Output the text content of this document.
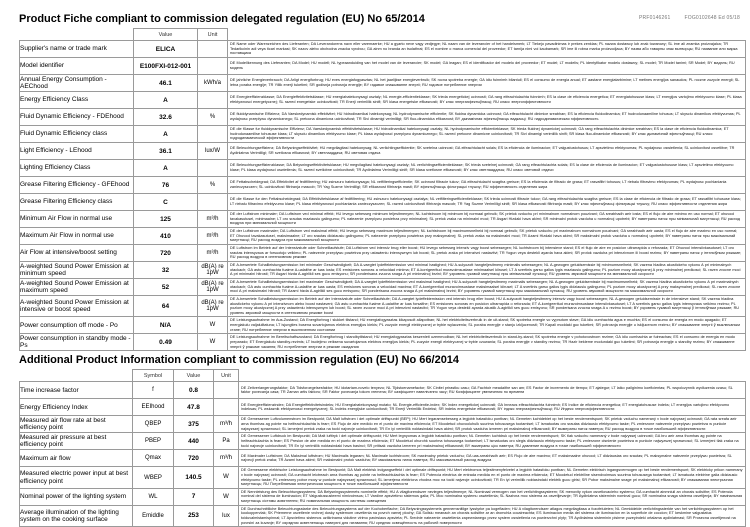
PRF0146261	FOG0102648 Ed 05/18
Product Fiche compliant to commission delegated regulation (EU) No 65/2014
	Value	Unit	
Supplier's name or trade mark	ELICA		DE Name oder Warenzeichen des Lieferanten; DA Leverandorens navn eller varemaerke; HU a gyarto neve vagy vedjegye; NL naam van de leverancier of het handelsmerk; LT Tiekejo pavadinimas ir prekes zenklas; PL nazwa dostawcy lub znak towarowy; SL ime ali znamka proizvajalca; TR Tedarikcinin adi veya ticari markasi; SK nazov alebo obchodna znacka vyrobcu; GA ainm no branda an tsolathrai; ES el nombre o marca comercial del proveedor; ET tarnija nimi voi kaubamark; SR ime ili robna marka proizvodjaca; BY назва або таварны знак вытворцы; RU название или марка поставщика

Model identifier	E100FXI-012-001		DE Modellkennung des Lieferanten; DA Model; HU modell; NL typeaanduiding van het model van de leverancier; SK model; GA leagan; ES el identificador del modelo del proveedor; ET mudel; LT modelis; PL identyfikator modelu dostawcy; SL model; TR Model tanimi; SR Model; BY мадэль; RU модель

Annual Energy Consumption - AEChood	46.1	kWh/a	DE jahrliche Energieverbrauch; DA Arligt energiforbrug; HU eves energiafogyasztas; NL het jaarlijkse energieverbruik; SK rocna spotreba energie; GA idiu fuinnimh bliantuil; ES el consumo de energia anual; ET aastane energiatarbimine; LT metines energijos sanaudos; PL roczne zuzycie energii; SL letna poraba energije; TR Yillik enerji tuketimi; SR godisnja potrosnja energije; BY гадавое спажыванне энергіі; RU годовое потребление энергии

Energy Efficiency Class	A		DE Energieeffizienzklasse; DA Energieffektivitetsklasse; HU energiahatekonysagi osztaly; NL energie-efficientieklasse; SK trieda energetickej ucinnosti; GA rang eifeachtulachta fuinnimh; ES la clase de eficiencia energetica; ET energiatohususe klass; LT energijos vartojimo efektyvumo klase; PL klasa efektywnosci energetycznej; SL razred energetske ucinkovitosti; TR Enerji verimlilik sinifi; SR klasa energetske efikasnosti; BY клас энергаэфектыўнасці; RU класс энергоэффективности

Fluid Dynamic Efficiency - FDEhood	32.6	%	DE fluiddynamische Effizienz; DA Vaeskedynamisk effektivitet; HU hidrodinamikai hatekonysag; NL hydrodynamische efficientie; SK fluidna dynamicka ucinnost; GA eifeachtulacht dinimice sreabhan; ES la eficiencia fluidodinamica; ET hudrodunaamiline tohusus; LT skysciu dinamikos efektyvumas; PL wydajnosc przeplywu dynamicznego; SL pretocna dinamicna ucinkovitost; TR Sivi dinamigi verimliligi; SR fluo-dinamicka efikasnost; BY дынамічная эфектыўнасць вадкасці; RU гидродинамическая эффективность

Fluid Dynamic Efficiency class	A		DE die Klasse fur fluiddynamische Effizienz; DA Vaeskedynamisk effektivitetsklasse; HU hidrodinamikai hatekonysagi osztaly; NL hydrodynamische efficientieklasse; SK trieda fluidnej dynamickej ucinnosti; GA rang eifeachtulachta dinimice sreabhan; ES la clase de eficiencia fluidodinamica; ET hudrodunaamilise tohususe klass; LT skysciu dinamikos efektyvumo klase; PL klasa wydajnosci przeplywu dynamicznego; SL razred pretocne dinamicne ucinkovitosti; TR Sivi dinamigi verimlilik sinifi; SR klasa fluo-dinamicke efikasnosti; BY клас дынамічнай эфектыўнасці; RU класс гидродинамической эффективности

Light Efficiency - LEhood	36.1	lux/W	DE Beleuchtungseffizienz; DA Belysningseffektivitet; HU megvilagitasi hatekonysag; NL verlichtingsefficientie; SK svetelna ucinnost; GA eifeachtulacht solais; ES la eficiencia de iluminacion; ET valgustustohusus; LT apsvietimo efektyvumas; PL wydajnosc oswietlenia; SL ucinkovitost osvetlitve; TR Aydinlatma Verimliligi; SR svetlosna efikasnost; BY светлаaддача; RU световая отдача

Lighting Efficiency Class	A		DE Beleuchtungseffizienzklasse; DA Belysningseffektivitetsklasse; HU megvilagitasi hatekonysagi osztaly; NL verlichtingsefficientieklasse; SK trieda svetelnej ucinnosti; GA rang eifeachtulachta solais; ES la clase de eficiencia de iluminacion; ET valgustustohususe klass; LT apsvietimo efektyvumo klase; PL klasa wydajnosci oswietlenia; SL razred svetlobne ucinkovitosti; TR Aydinlatma Verimliligi sinifi; SR klasa svetlosne efikasnosti; BY клас светлаaддачы; RU класс световой отдачи

Grease Filtering Efficiency - GFEhood	76	%	DE Fettabscheidegrad; DA Effektivitet af fedtfiltrering; HU zsirszuro hatekonysaga; NL vetfilteringsefficientie; SK ucinnost filtracie tukov; GA eifeachtulacht scagtha greisce; ES la eficiencia de filtrado de grasa; ET rasvafiltri tohusus; LT riebalu filtravimo efektyvumas; PL wydajnosc pochlaniania zanieczyszczen; SL ucinkovitost filtriranja mascob; TR Yag Suzme Verimliligi; SR efikasnost filtriranja masti; BY эфектыўнасць фільтрацыі тлушчу; RU эффективность отделения жира

Grease Filtering Efficiency class	C		DE die Klasse fur den Fettabscheidegrad; DA Effektivitetsklasse af fedtfiltrering; HU zsirszuro hatekonysagi osztalya; NL vetfilteringsefficientieklasse; SK trieda ucinnosti filtracie tukov; GA rang eifeachtulachta scagtha greisce; ES la clase de eficiencia de filtrado de grasa; ET rasvafiltri tohususe klass; LT riebalu filtravimo efektyvumo klase; PL klasa efektywnosci pochlaniania zanieczyszczen; SL razred ucinkovitosti filtriranja mascob; TR Yag Suzme Verimliligi sinifi; SR klasa efikasnosti filtriranja masti; BY клас эфектыўнасці фільтрацыі тлушчу; RU класс эффективности отделения жира

Minimum Air Flow in normal use	125	m³/h	DE der Luftstrom minimaler; DA Luftstrom ved minimal effekt; HU levego sebesseg minimum teljesitmenyen; NL luchtstroom bij minimum bij normaal gebruik; SK prietok vzduchu pri minimalnom normalnom pouzivani; GA sreabhadh aeir iosta; ES el flujo de aire minimo en uso normal; ET ohuvool tavakasutusel, minimaalne; LT oro srautas maziausiu galingumu; PL natezenie przeplywu powietrza przy minimalnej; SL pretok zraka na minimalni moci; TR Asgari Hizdaki hava akimi; SR minimalni protok vazduha u normalnoj upotrebi; BY паветраны паток пры мінімальнай магутнасці; RU расход воздуха при минимальной мощности

Maximum Air Flow in normal use	410	m³/h	DE der Luftstrom maximaler; DA Luftstrom ved maksimal effekt; HU levego sebesseg maximum teljesitmenyen; NL luchtstroom bij maximumsnelheid bij normaal gebruik; SK prietok vzduchu pri maximalnom normalnom pouzivani; GA sreabhadh aeir uasta; ES el flujo de aire maximo en uso normal; ET Ohuvool tavakasutusel, maksimaalne; LT oro srautas didziausiu galingumu; PL natezenie przeplywu powietrza przy maksymalnej; SL pretok zraka na maksimalni moci; TR Azami Hizdaki hava akimi; SR maksimalni protok vazduha u normalnoj upotrebi; BY паветраны паток пры максімальнай магутнасці; RU расход воздуха при максимальной мощности

Air Flow at intensive/boost setting	720	m³/h	DE Luftstrom im Betrieb auf der Intensivstufe oder Schnelllaufstufe; DA Luftstrom ved intensiv brug eller boost; HU levego sebesseg intenziv vagy boost sebessegen; NL luchtstroom bij intensieve stand; ES el flujo de aire en posicion ultrarrapida o reforzada; ET Ohuvool intensiivkasutusel; LT oro srautas intensyvaus ar forsuotojo veikimo; PL natezenie przeplywu powietrza przy ustawieniu intensywnym lub boost; SL pretok zraka pri intenzivni nastavitvi; TR Yogun veya destekli ayarda hava akimi; SR protok vazduha pri intenzivnom ili boost rezimu; BY паветраны паток у інтэнсіўным рэжыме; RU расход воздуха в интенсивном режиме

A-weighted Sound Power Emission at minimum speed	32	dB(A) re 1pW	DE A-bewertete Schallleistungsemission bei minimaler Geschwindigkeit; DA A-vaegtet lydeffektemission ved minimal hastighed; HU A-sulyozott hangteljesitmeny minimalis sebessegen; NL A-gewogen geluidsemissie bij minimumsnelheid; SK vazena hladina akustickeho vykonu A pri minimalnych otackach; GA astu cumhachta fuaime A-ualaithe ar luas iosta; ES emisiones sonoras a velocidad minima; ET A-korrigeeritud muravoimsustase minimaalsel kiirusel; LT A svertinis garso galios lygis maziausiu galingumu; PL poziom mocy akustycznej A przy minimalnej predkosci; SL raven zvocne moci A pri minimalni hitrosti; TR Asgari hizda A-agirlikli ses gucu emisyonu; SR ponderisana zvucna snaga A pri minimalnoj brzini; BY узровень гукавой магутнасці пры мінімальнай хуткасці; RU уровень звуковой мощности на минимальной скорости

A-weighted Sound Power Emission at maximum speed	52	dB(A) re 1pW	DE A-bewertete Schallleistungsemission bei maximaler Geschwindigkeit; DA A-vaegtet lydeffektemission ved maksimal hastighed; HU A-sulyozott hangteljesitmeny maximalis sebessegen; NL A-gewogen geluidsemissie bij maximumsnelheid; SK vazena hladina akustickeho vykonu A pri maximalnych otackach; GA astu cumhachta fuaime A-ualaithe ar luas uasta; ES emisiones sonoras a velocidad maxima; ET A-korrigeeritud muravoimsustase maksimaalsel kiirusel; LT A svertinis garso galios lygis didziausiu galingumu; PL poziom mocy akustycznej A przy maksymalnej predkosci; SL raven zvocne moci A pri maksimalni hitrosti; TR Azami hizda A-agirlikli ses gucu emisyonu; SR ponderisana zvucna snaga A pri maksimalnoj brzini; BY узровень гукавой магутнасці пры максімальнай хуткасці; RU уровень звуковой мощности на максимальной скорости

A-weighted Sound Power Emission at intensive or boost speed	64	dB(A) re 1pW	DE A-bewertete Schallleistungsemission im Betrieb auf der Intensivstufe oder Schnelllaufstufe; DA A-vaegtet lydeffektemission ved intensiv brug eller boost; HU A-sulyozott hangteljesitmeny intenziv vagy boost sebessegen; NL A-gewogen geluidsemissie in de intensieve stand; SK vazena hladina akustickeho vykonu A pri intenzivnom alebo boost nastaveni; GA astu cumhachta fuaime A-ualaithe ar luas forsaithe; ES emisiones sonoras en posicion ultrarrapida o reforzada; ET A-korrigeeritud muravoimsustase intensiivkasutusel; LT A svertinis garso galios lygis intensyvaus veikimo rezimu; PL poziom mocy akustycznej A przy ustawieniu intensywnym lub boost; SL raven zvocne moci A pri intenzivni nastavitvi; TR Yogun veya destekli ayarda akustik A-agirlikli ses gucu emisyonu; SR ponderisana zvucna snaga A u rezimu boost; BY узровень гукавой магутнасці ў інтэнсіўным рэжыме; RU уровень звуковой мощности в интенсивном режиме boost

Power consumption off mode - Po	N/A	W	DE Leistungsaufnahme im Aus-Zustand; DA Energiforbrug i slukket tilstand; HU energiafogyasztas kikapcsolt allapotban; NL het elektriciteitsverbruik in de uit-stand; SK spotreba energie vo vypnutom stave; GA idiu cumhachta agus e muchta; ES el consumo de energia en modo apagado; ET energiakulu valjalulitatuna; LT isjungties busena suvartojamos elektros energijos kiekis; PL zuzycie energii elektrycznej w trybie wylaczenia; SL poraba energije v stanju izkljucenosti; TR Kapali moddaki guc tuketimi; SR potrosnja energije u iskljucenom rezimu; BY спажыванне энергіі ў выключаным стане; RU потребление энергии в выключенном состоянии

Power consumption in standby mode - Ps	0.49	W	DE Leistungsaufnahme im Bereitschaftszustand; DA Energiforbrug i standbytilstand; HU energiafogyasztas keszenleti uzemmodban; NL het elektriciteitsverbruik in stand-by-stand; SK spotreba energie v pohotovostnom rezime; GA idiu cumhachta ar fuireachas; ES el consumo de energia en modo preparado; ET Energiakulu standby-rezimis; LT budejimo veiksena suvartojamos elektros energijos kiekis; PL zuzycie energii elektrycznej w trybie czuwania; SL poraba energije v standby rezimu; TR Hazir bekleme modundaki guc tuketimi; SR potrosnja energije u standby rezimu; BY спажыванне энергіі ў рэжыме чакання; RU потребление энергии в режиме ожидания
Additional Product Information compliant to commission regulation (EU) No 66/2014
	Symbol	Value	Unit	
Time increase factor	f	0.8		DE Zeitverlangerungsfaktor; DA Tidsforoegelsesfaktor; HU idotartam-novelo tenyezo; NL Tijdstoenamefactor; SK Cinitel prirastku casu; GA Fachtoir meadaithe san am; ES Factor de incremento de tiempo; ET ajategur; LT laiko pailginimo koeficientas; PL wspolczynnik wydluzenia czasu; SL faktor povecanja casa; TR Zaman artis faktoru; SR Faktor povecanja tokom vremena; BY каэфіцыент павелічэння часу; RU Коэффициент увеличения по времени

Energy Efficiency Index	EEIhood	47.8		DE Energieeffizienzindex; DA Energieffektivitetsindeks; HU Energiahatekonysagi mutato; NL Energie-efficientie-index; SK Index energetickej ucinnosti; GA Inneacs eifeachtulachta fuinnimh; ES Indice de eficiencia energetica; ET energiatohususe indeks; LT energijos vartojimo efektyvumo indeksas; PL wskaznik efektywnosci energetycznej; SL indeks energijske ucinkovitosti; TR Enerji Verimlilik Endeksi; SR indeks energetske efikasnosti; BY індэкс энергаэфектыўнасці; RU Индекс энергоэффективности

Measured air flow rate at best efficiency point	QBEP	375	m³/h	DE Gemessener Luftvolumenstrom im Bestpunkt; DA Malt luftstrom i det optimale driftspunkt (BEP); HU Mert legaramsebesseg a legjobb hatasfoku pontban; NL Gemeten luchtdebiet op het beste rendementspunt; SK prietok vzduchu nameraný v bode najvyssej ucinnosti; GA rata sreafa aeir arna thomhas ag pointe na heifeachtulachta is fearr; ES Flujo de aire medido en el punto de maxima eficiencia; ET Moodetud ohuvooluhulk suurima tohususega tootamisel; LT ismatuotas oro srautas didziausio efektyvumo taske; PL zmierzone natezenie przeplywu powietrza w punkcie najwyzszej sprawnosci; SL izmerjeni pretok zraka na tocki najvecje ucinkovitosti; TR En iyi verimlilik noktasindaki hava akimi; SR protok vazduha izmeren pri maksimalnoj efikasnosti; BY вымераны паток паветра; RU расход воздуха в точке наибольшей эффективности

Measured air pressure at best efficiency point	PBEP	440	Pa	DE Gemessener Luftdruck im Bestpunkt; DA Malt lufttryk i det optimale driftspunkt; HU Mert legnyomas a legjobb hatasfoku pontban; NL Gemeten luchtdruk op het beste rendementspunt; SK tlak vzduchu nameraný v bode najvyssej ucinnosti; GA bru aeir arna thomhas ag pointe na heifeachtulachta is fearr; ES Presion de aire medida en el punto de maxima eficiencia; ET Moodetud ohurohk suurima tohususega tootamisel; LT ismatuotas oro slegis didziausio efektyvumo taske; PL zmierzone cisnienie powietrza w punkcie najwyzszej sprawnosci; SL izmerjeni tlak zraka na tocki najvecje ucinkovitosti; TR En iyi verimlilik noktasindaki hava basinci; SR pritisak vazduha izmeren pri maksimalnoj efikasnosti; BY вымераны ціск паветра; RU давление воздуха в точке наибольшей эффективности

Maximum air flow	Qmax	720	m³/h	DE Maximaler Luftstrom; DA Maksimal luftstrom; HU Maximalis legaram; NL Maximale luchtstroom; SK maximalny prietok vzduchu; GA uas-sreabhadh aeir; ES Flujo de aire maximo; ET maksimaalne ohuvool; LT didziausias oro srautas; PL maksymalne natezenie przeplywu powietrza; SL najvecji pretok zraka; TR Azami hava akimi; SR maksimalni protok vazduha; BY максімальны паток паветра; RU максимальный расход воздуха

Measured electric power input at best efficiency point	WBEP	140.5	W	DE Gemessene elektrische Leistungsaufnahme im Bestpunkt; DA Malt elektrisk indgangseffekt i det optimale driftspunkt; HU Mert elektromos teljesitmenyfelvetel a legjobb hatasfoku pontban; NL Gemeten elektrisch ingangsvermogen op het beste rendementspunt; SK elektricky prikon namerany v bode najvyssej ucinnosti; GA cumhacht leictreach arna thomhas ag pointe na heifeachtulachta is fearr; ES Potencia electrica de entrada medida en el punto de maxima eficiencia; ET Moodetud elektriline sisendvoimsus suurima tohususega tootamisel; LT ismatuota elektrine galia didziausio efektyvumo taske; PL zmierzony pobor mocy w punkcie najwyzszej sprawnosci; SL izmerjena elektricna vhodna moc na tocki najvecje ucinkovitosti; TR En iyi verimlilik noktasindaki elektrik gucu girisi; SR Pobor maksimalne snage pri maksimalnoj efikasnosti; BY спажываная электрычная магутнасць; RU Потребляемая электрическая мощность в точке наибольшей эффективности

Nominal power of the lighting system	WL	7	W	DE Nennleistung des Beleuchtungssystems; DA Belysningssystemets nominelle effekt; HU A vilagitorendszer nevleges teljesitmenye; NL Nominaal vermogen van het verlichtingssysteem; SK menovity vykon osvetlovacieho systemu; GA cumhacht ainmniuil an chorais soilsithe; ES Potencia nominal del sistema de iluminacion; ET Valgustussusteemi nimivoimsus; LT Vardine apsvietimo sistemos galia; PL Moc nominalna systemu oswietlenia; SL Nazivna moc sistema za osvetljevanje; TR Aydinlatma sisteminin nominal gucu; SR nominalna snaga sistema osvetljenja; BY намінальная магутнасць сістэмы асвятлення; RU номинальная мощность системы освещения

Average illumination of the lighting system on the cooking surface	Emiddle	253	lux	DE Durchschnittliche Beleuchtungsstarke des Beleuchtungssystems auf der Kochoberflache; DA Belysningssystemets gennemsnitlige lysstyrke pa kogefladen; HU A vilagitorendszer atlagos megvilagitasa a fozofeluleten; NL Gemiddelde verlichtingssterkte van het verlichtingssysteem op het kookoppervlak; SK Priemerne osvetlenie vrchnej dosky systemom osvetlenia na povrch varnej plochy; GA Soilsiu meanach an chorais soilsithe ar an dromchla cocaireachta; ES Iluminacion media del sistema de iluminacion en la superficie de coccion; ET keskmine valgustatus toiduvalmistamispinnal; LT Apsvietimo sistemos uztikrinama vidutine virimo pavirsiaus apsvieta; PL Srednie natezenie oswietlenia zapewnianego przez system oswietlenia na powierzchni plyty; TR Aydinlatma sisteminin pisirme yuzeyindeki ortalama aydinlatmasi; SR Prosecna osvetljenost na povrsini za kuvanje; BY сярэдняя асветленасць паверхні для гатавання; RU средняя освещённость на рабочей поверхности
